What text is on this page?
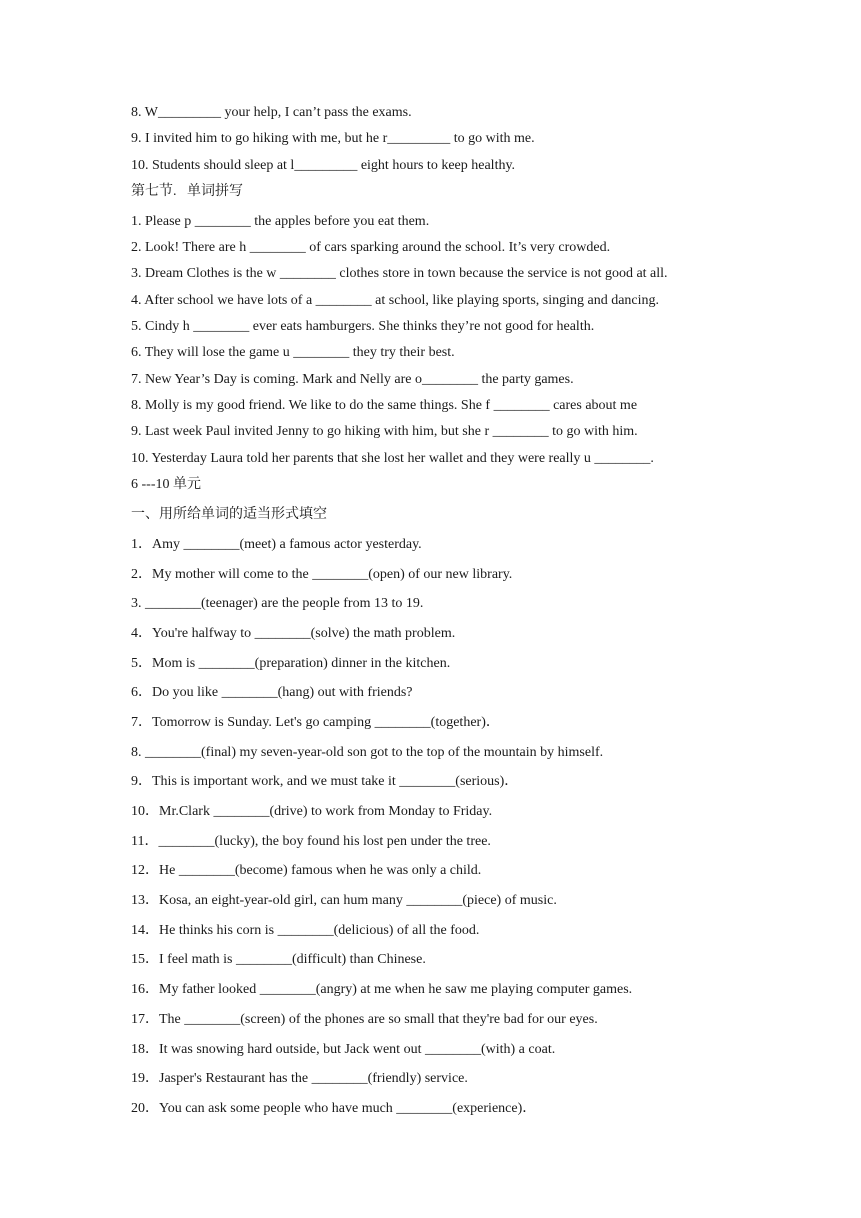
8. W_________ your help, I can’t pass the exams.
9. I invited him to go hiking with me, but he r_________ to go with me.
10. Students should sleep at l_________ eight hours to keep healthy.
第七节.   单词拼写
1. Please p ________ the apples before you eat them.
2. Look! There are h ________ of cars sparking around the school. It’s very crowded.
3. Dream Clothes is the w ________ clothes store in town because the service is not good at all.
4. After school we have lots of a ________ at school, like playing sports, singing and dancing.
5. Cindy h ________ ever eats hamburgers. She thinks they’re not good for health.
6. They will lose the game u ________ they try their best.
7. New Year’s Day is coming. Mark and Nelly are o________ the party games.
8. Molly is my good friend. We like to do the same things. She f ________ cares about me
9. Last week Paul invited Jenny to go hiking with him, but she r ________ to go with him.
10. Yesterday Laura told her parents that she lost her wallet and they were really u ________.
6 ---10 单元
一、用所给单词的适当形式填空
1．Amy ________(meet) a famous actor yesterday.
2．My mother will come to the ________(open) of our new library.
3. ________(teenager) are the people from 13 to 19.
4．You're halfway to ________(solve) the math problem.
5．Mom is ________(preparation) dinner in the kitchen.
6．Do you like ________(hang) out with friends?
7．Tomorrow is Sunday. Let's go camping ________(together)．
8. ________(final) my seven-year-old son got to the top of the mountain by himself.
9．This is important work, and we must take it ________(serious)．
10．Mr.Clark ________(drive) to work from Monday to Friday.
11．________(lucky), the boy found his lost pen under the tree.
12．He ________(become) famous when he was only a child.
13．Kosa, an eight-year-old girl, can hum many ________(piece) of music.
14．He thinks his corn is ________(delicious) of all the food.
15．I feel math is ________(difficult) than Chinese.
16．My father looked ________(angry) at me when he saw me playing computer games.
17．The ________(screen) of the phones are so small that they're bad for our eyes.
18．It was snowing hard outside, but Jack went out ________(with) a coat.
19．Jasper's Restaurant has the ________(friendly) service.
20．You can ask some people who have much ________(experience)．
